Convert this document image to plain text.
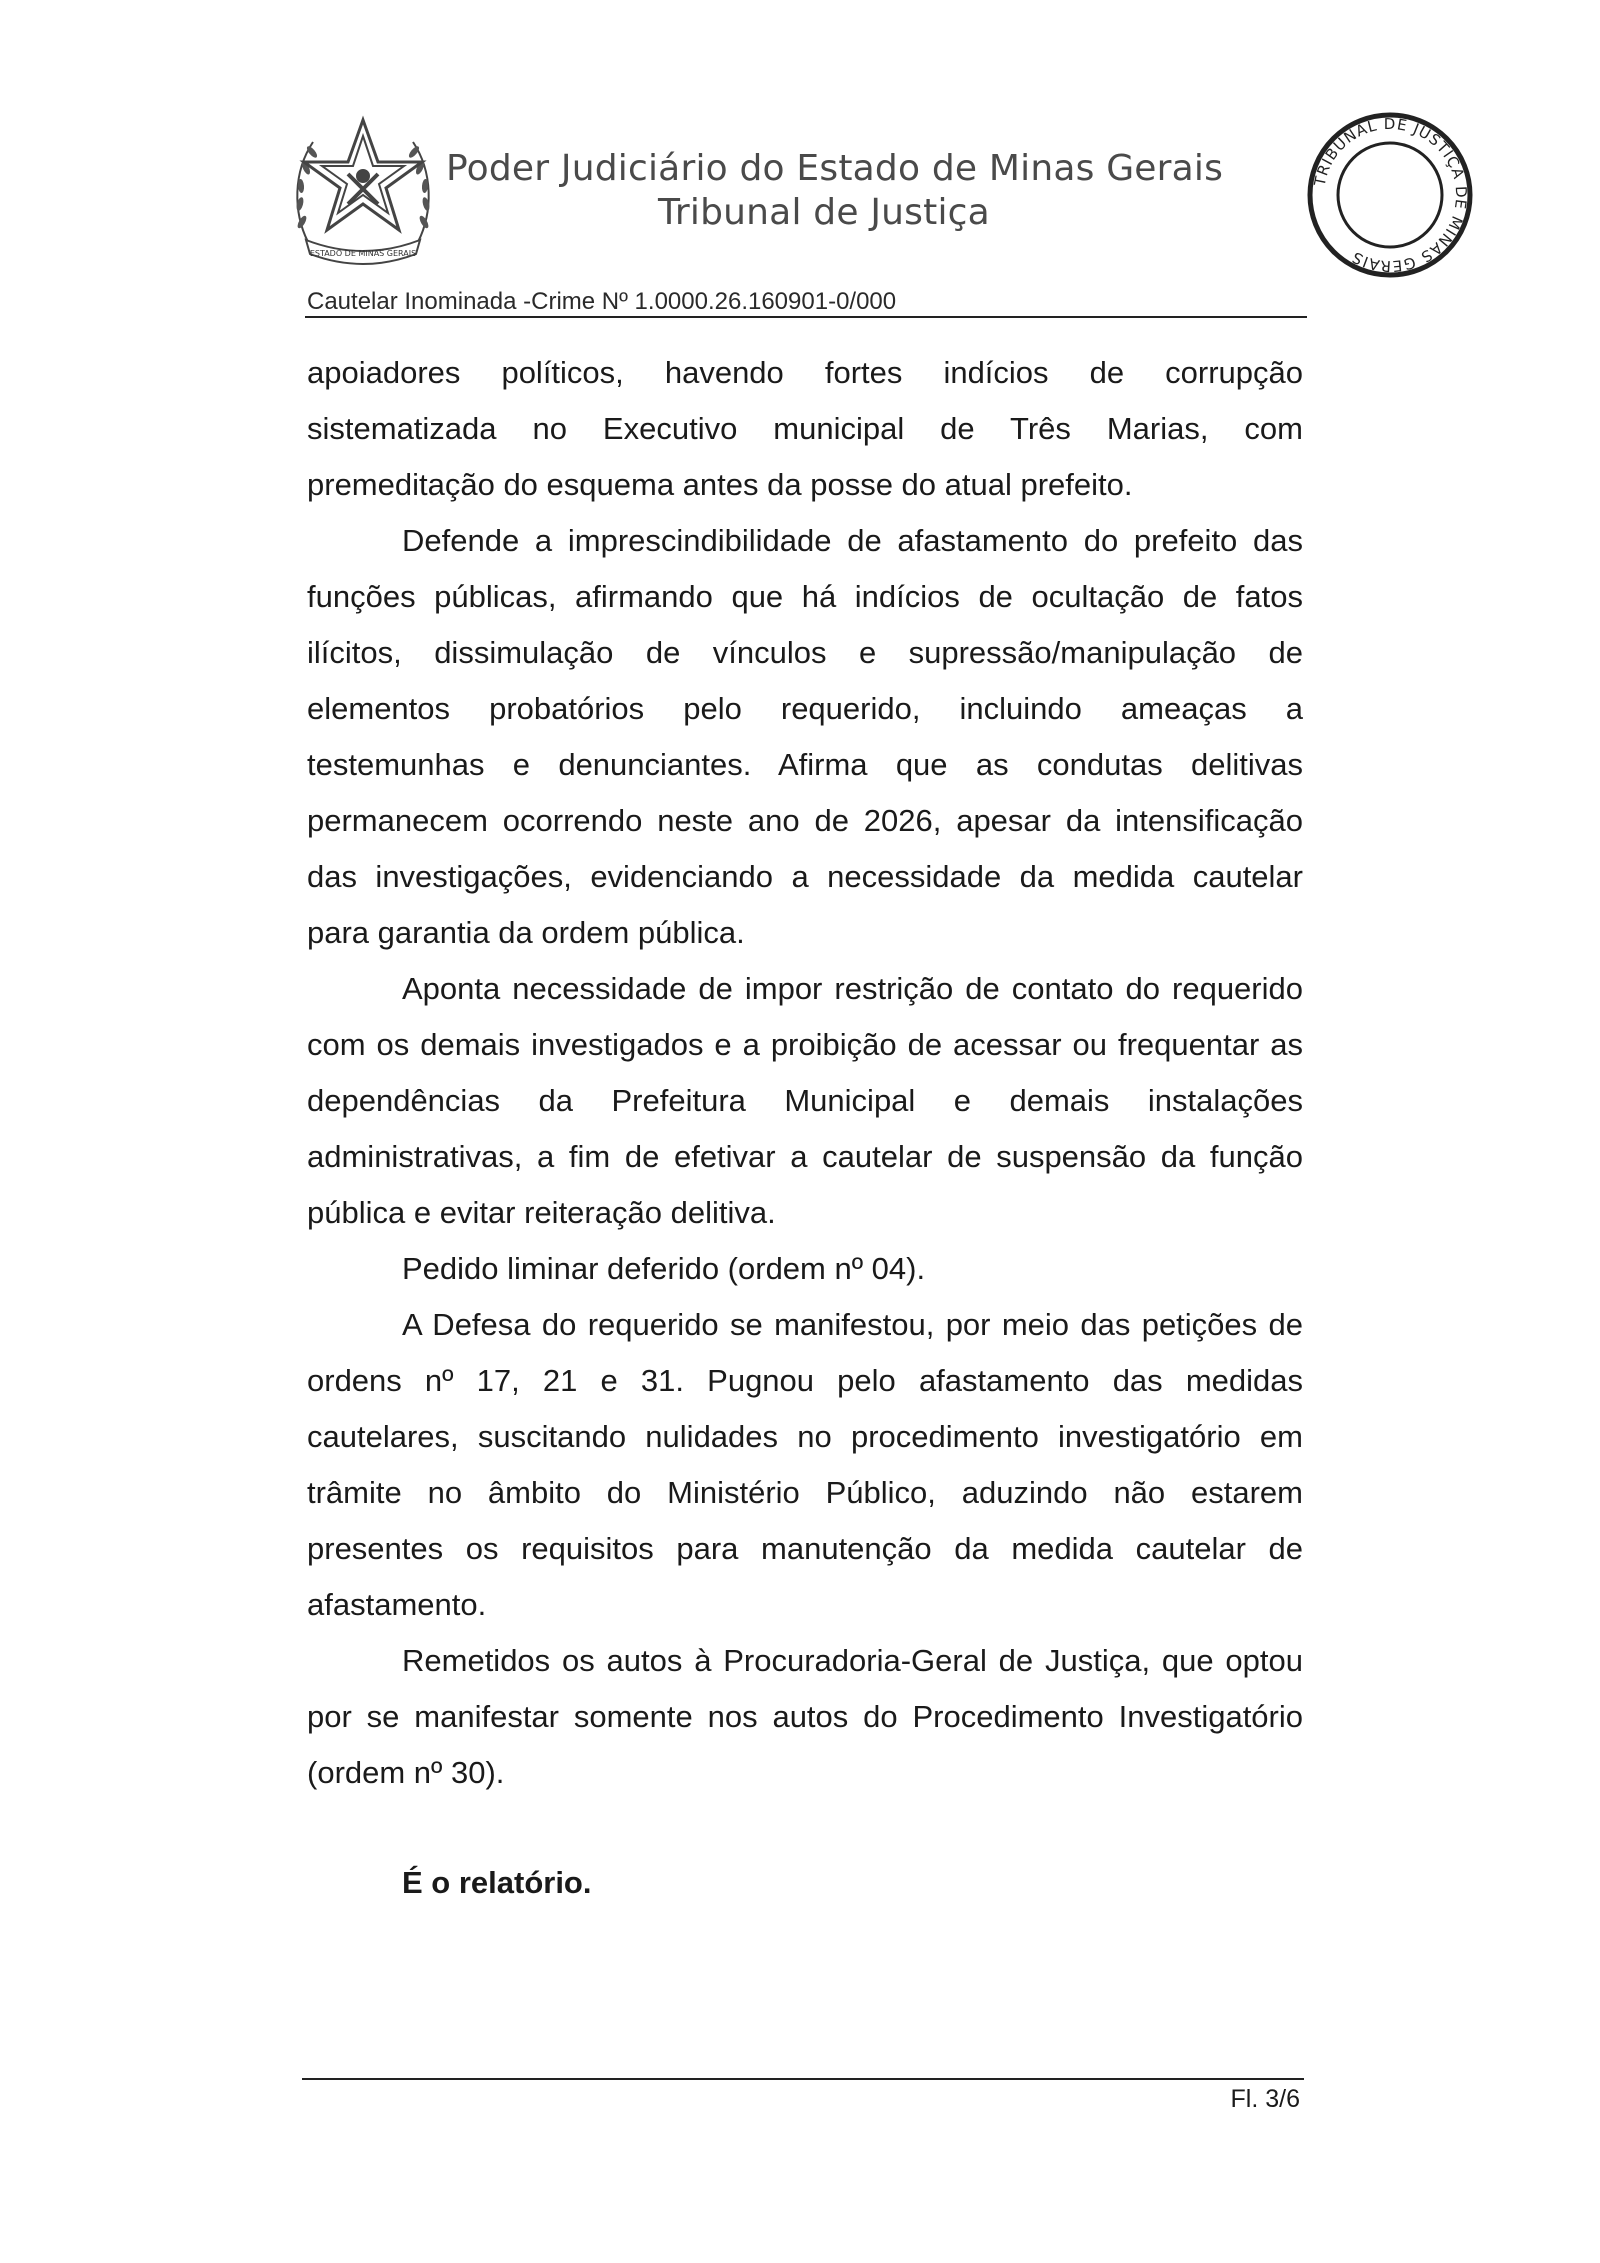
ESTADO DE MINAS GERAIS
Poder Judiciário do Estado de Minas Gerais
Tribunal de Justiça
TRIBUNAL DE JUSTIÇA DE MINAS GERAIS
Cautelar Inominada -Crime Nº 1.0000.26.160901-0/000

apoiadores políticos, havendo fortes indícios de corrupção sistematizada no Executivo municipal de Três Marias, com premeditação do esquema antes da posse do atual prefeito.

Defende a imprescindibilidade de afastamento do prefeito das funções públicas, afirmando que há indícios de ocultação de fatos ilícitos, dissimulação de vínculos e supressão/manipulação de elementos probatórios pelo requerido, incluindo ameaças a testemunhas e denunciantes. Afirma que as condutas delitivas permanecem ocorrendo neste ano de 2026, apesar da intensificação das investigações, evidenciando a necessidade da medida cautelar para garantia da ordem pública.

Aponta necessidade de impor restrição de contato do requerido com os demais investigados e a proibição de acessar ou frequentar as dependências da Prefeitura Municipal e demais instalações administrativas, a fim de efetivar a cautelar de suspensão da função pública e evitar reiteração delitiva.

Pedido liminar deferido (ordem nº 04).

A Defesa do requerido se manifestou, por meio das petições de ordens nº 17, 21 e 31. Pugnou pelo afastamento das medidas cautelares, suscitando nulidades no procedimento investigatório em trâmite no âmbito do Ministério Público, aduzindo não estarem presentes os requisitos para manutenção da medida cautelar de afastamento.

Remetidos os autos à Procuradoria-Geral de Justiça, que optou por se manifestar somente nos autos do Procedimento Investigatório (ordem nº 30).

É o relatório.
Fl. 3/6
